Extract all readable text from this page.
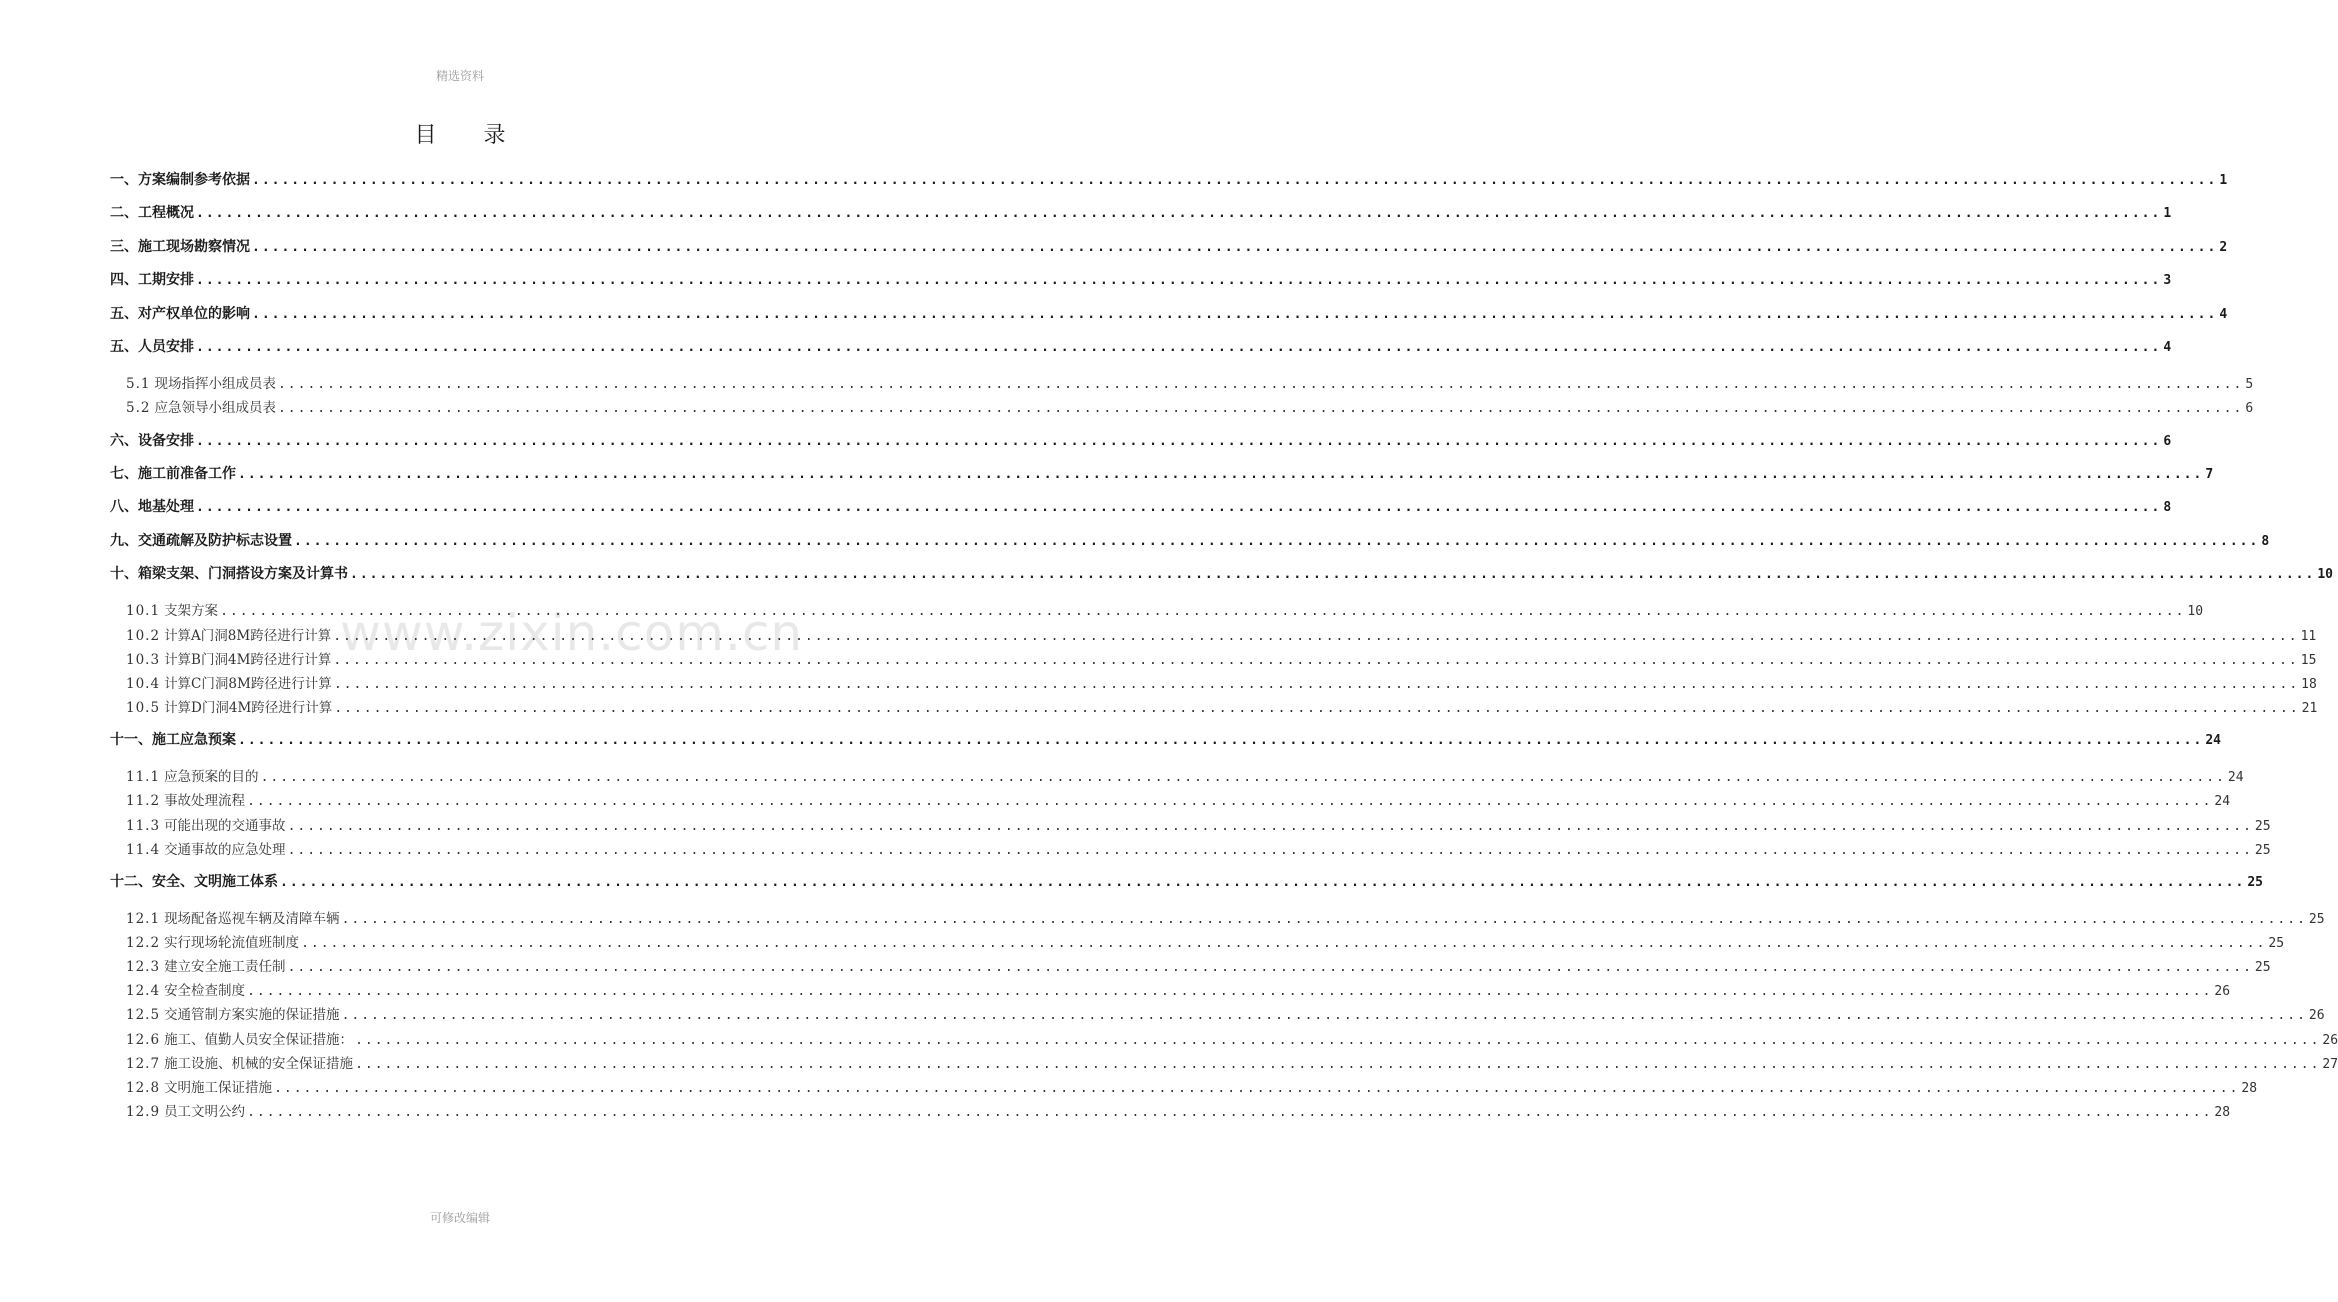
精选资料
www.zixin.com.cn
目 录
一、方案编制参考依据 ........................................................................................................................................................................................................ 1
二、工程概况 ........................................................................................................................................................................................................ 1
三、施工现场勘察情况 ........................................................................................................................................................................................................ 2
四、工期安排 ........................................................................................................................................................................................................ 3
五、对产权单位的影响 ........................................................................................................................................................................................................ 4
五、人员安排 ........................................................................................................................................................................................................ 4
5.1 现场指挥小组成员表 ........................................................................................................................................................................................................ 5
5.2 应急领导小组成员表 ........................................................................................................................................................................................................ 6
六、设备安排 ........................................................................................................................................................................................................ 6
七、施工前准备工作 ........................................................................................................................................................................................................ 7
八、地基处理 ........................................................................................................................................................................................................ 8
九、交通疏解及防护标志设置 ........................................................................................................................................................................................................ 8
十、箱梁支架、门洞搭设方案及计算书 ........................................................................................................................................................................................................ 10
10.1 支架方案 ........................................................................................................................................................................................................ 10
10.2 计算A门洞8M跨径进行计算 ........................................................................................................................................................................................................ 11
10.3 计算B门洞4M跨径进行计算 ........................................................................................................................................................................................................ 15
10.4 计算C门洞8M跨径进行计算 ........................................................................................................................................................................................................ 18
10.5 计算D门洞4M跨径进行计算 ........................................................................................................................................................................................................ 21
十一、施工应急预案 ........................................................................................................................................................................................................ 24
11.1 应急预案的目的 ........................................................................................................................................................................................................ 24
11.2 事故处理流程 ........................................................................................................................................................................................................ 24
11.3 可能出现的交通事故 ........................................................................................................................................................................................................ 25
11.4 交通事故的应急处理 ........................................................................................................................................................................................................ 25
十二、安全、文明施工体系 ........................................................................................................................................................................................................ 25
12.1 现场配备巡视车辆及清障车辆 ........................................................................................................................................................................................................ 25
12.2 实行现场轮流值班制度 ........................................................................................................................................................................................................ 25
12.3 建立安全施工责任制 ........................................................................................................................................................................................................ 25
12.4 安全检查制度 ........................................................................................................................................................................................................ 26
12.5 交通管制方案实施的保证措施 ........................................................................................................................................................................................................ 26
12.6 施工、值勤人员安全保证措施： ........................................................................................................................................................................................................ 26
12.7 施工设施、机械的安全保证措施 ........................................................................................................................................................................................................ 27
12.8 文明施工保证措施 ........................................................................................................................................................................................................ 28
12.9 员工文明公约 ........................................................................................................................................................................................................ 28
可修改编辑
